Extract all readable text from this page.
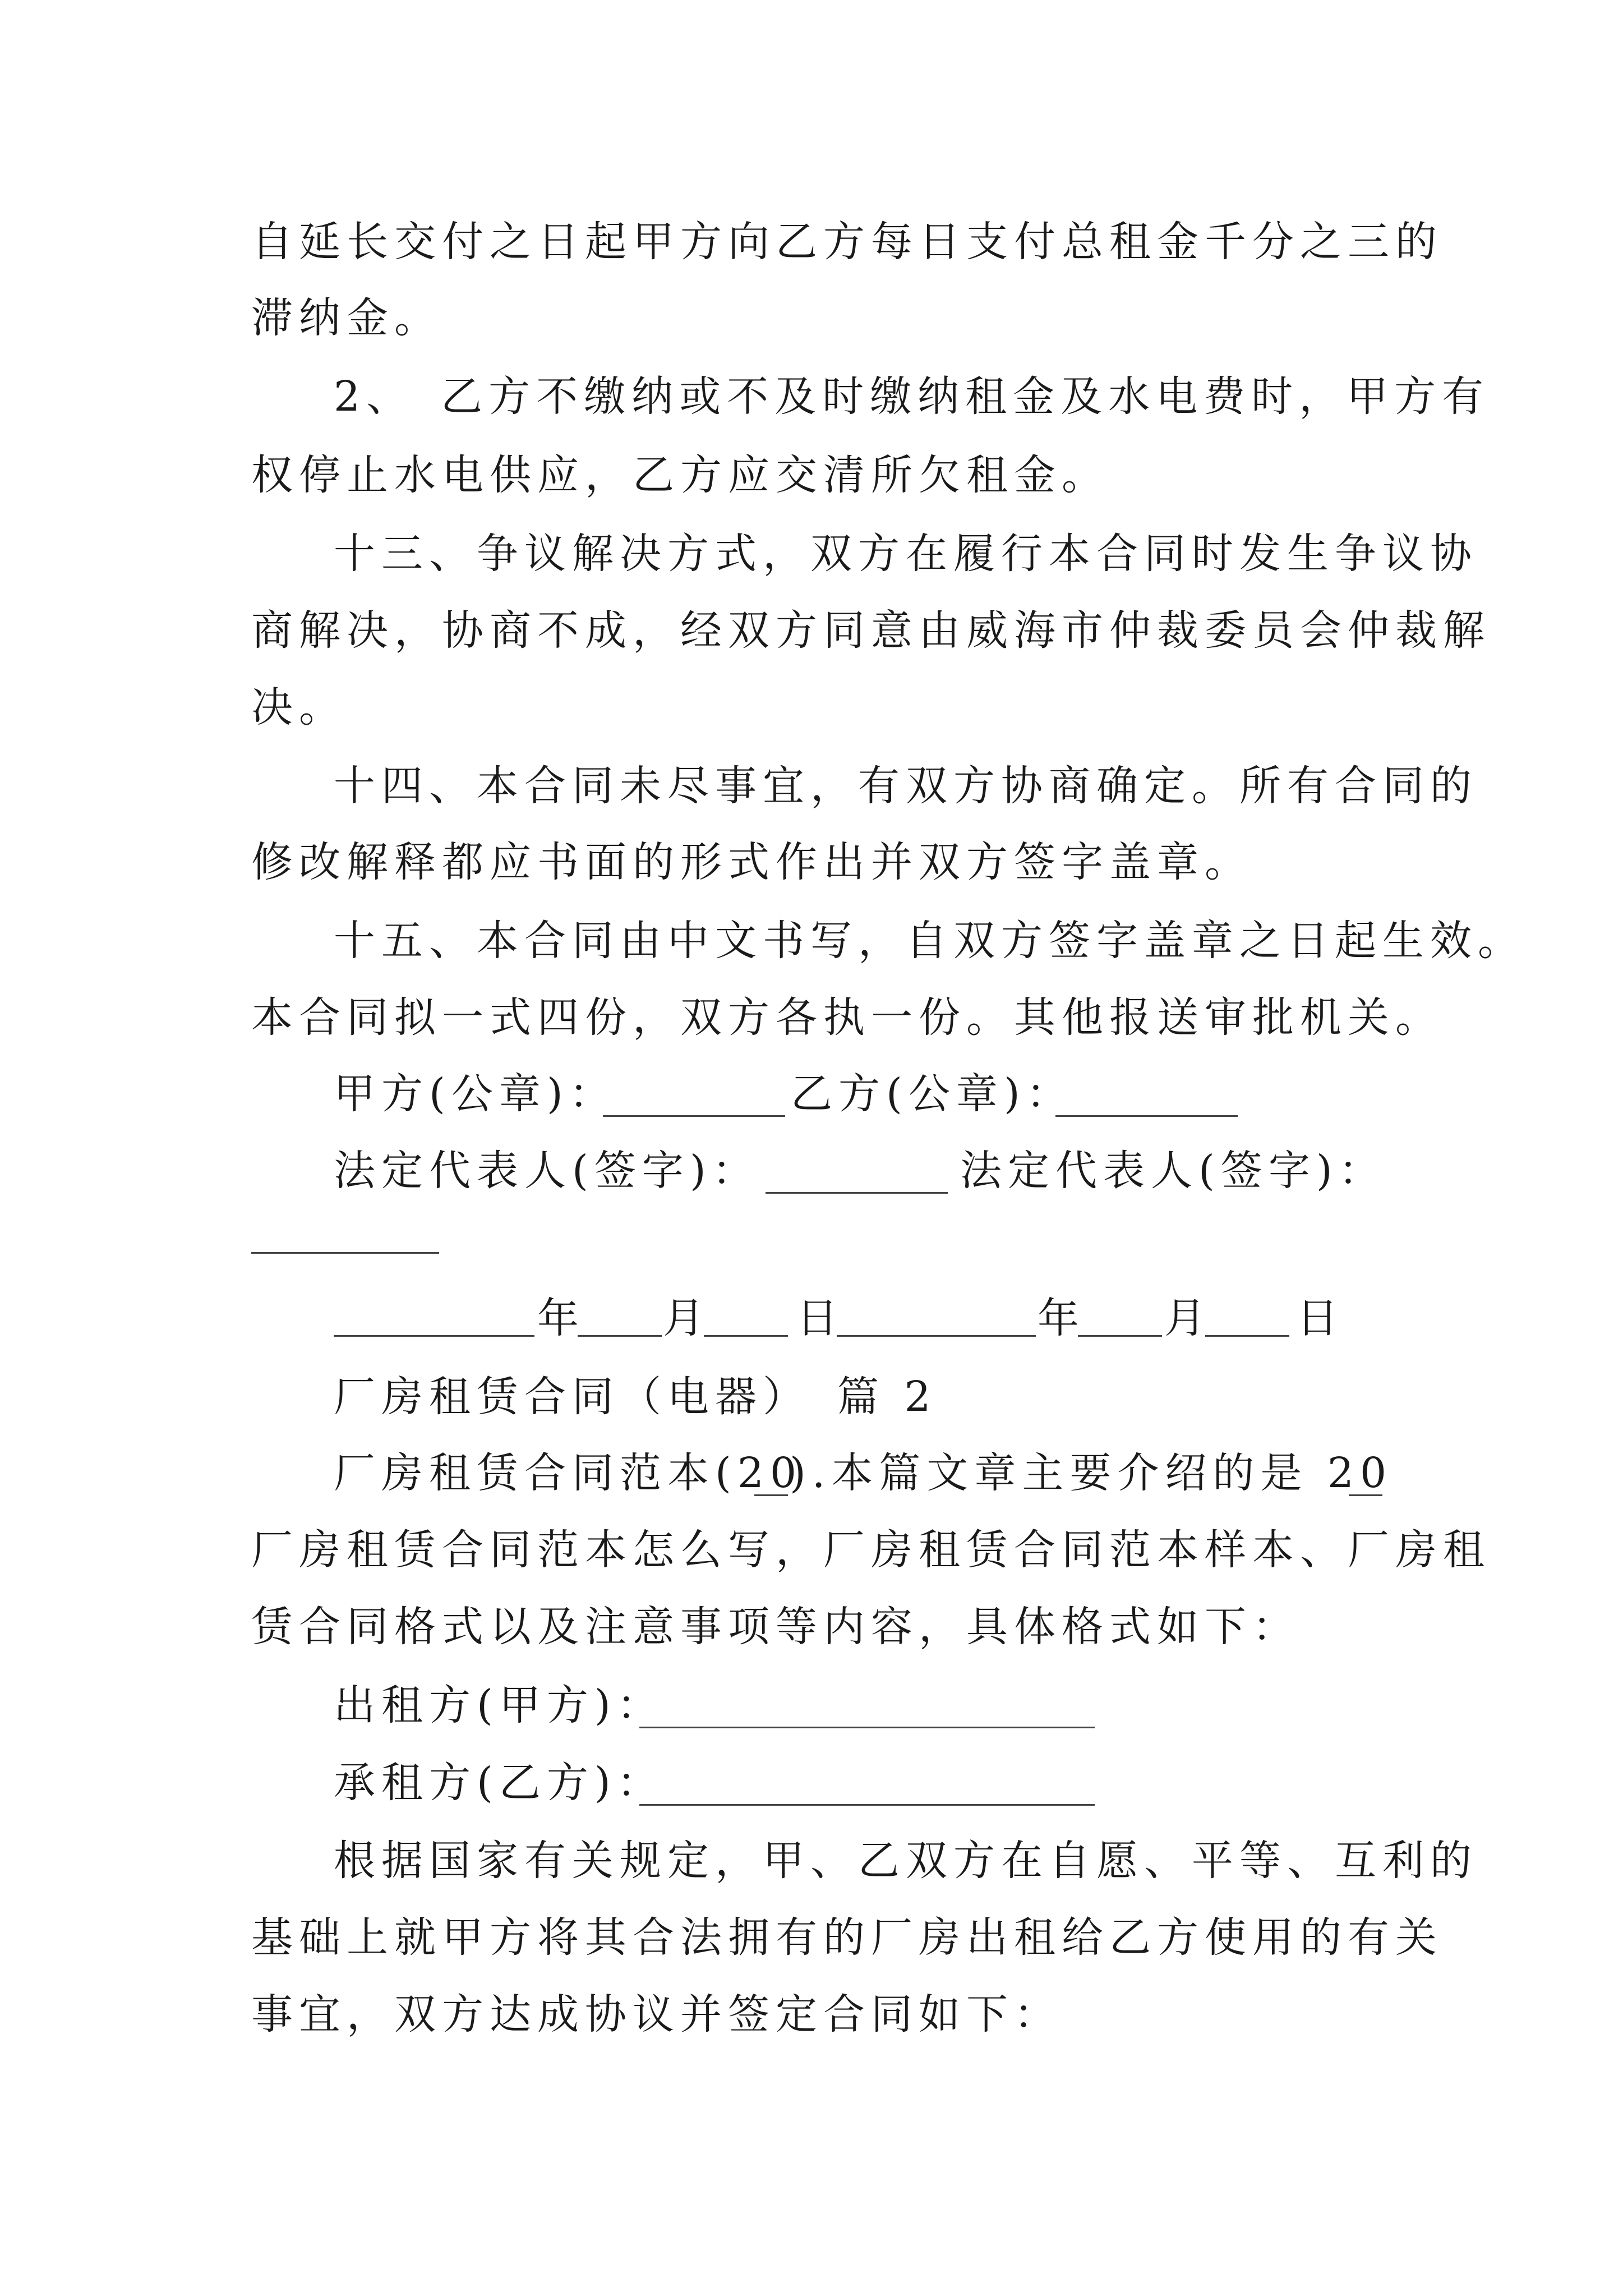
自延长交付之日起甲方向乙方每日支付总租金千分之三的
滞纳金。
2、　乙方不缴纳或不及时缴纳租金及水电费时，甲方有
权停止水电供应，乙方应交清所欠租金。
十三、争议解决方式，双方在履行本合同时发生争议协
商解决，协商不成，经双方同意由威海市仲裁委员会仲裁解
决。
十四、本合同未尽事宜，有双方协商确定。所有合同的
修改解释都应书面的形式作出并双方签字盖章。
十五、本合同由中文书写，自双方签字盖章之日起生效。
本合同拟一式四份，双方各执一份。其他报送审批机关。
甲方(公章)：	乙方(公章)：
法定代表人(签字)：	法定代表人(签字)：
年 月 日	年 月 日
厂房租赁合同（电器）　篇 2
厂房租赁合同范本(20
).本篇文章主要介绍的是 20
厂房租赁合同范本怎么写，厂房租赁合同范本样本、厂房租
赁合同格式以及注意事项等内容，具体格式如下：
出租方(甲方)：
承租方(乙方)：
根据国家有关规定，甲、乙双方在自愿、平等、互利的
基础上就甲方将其合法拥有的厂房出租给乙方使用的有关
事宜，双方达成协议并签定合同如下：
